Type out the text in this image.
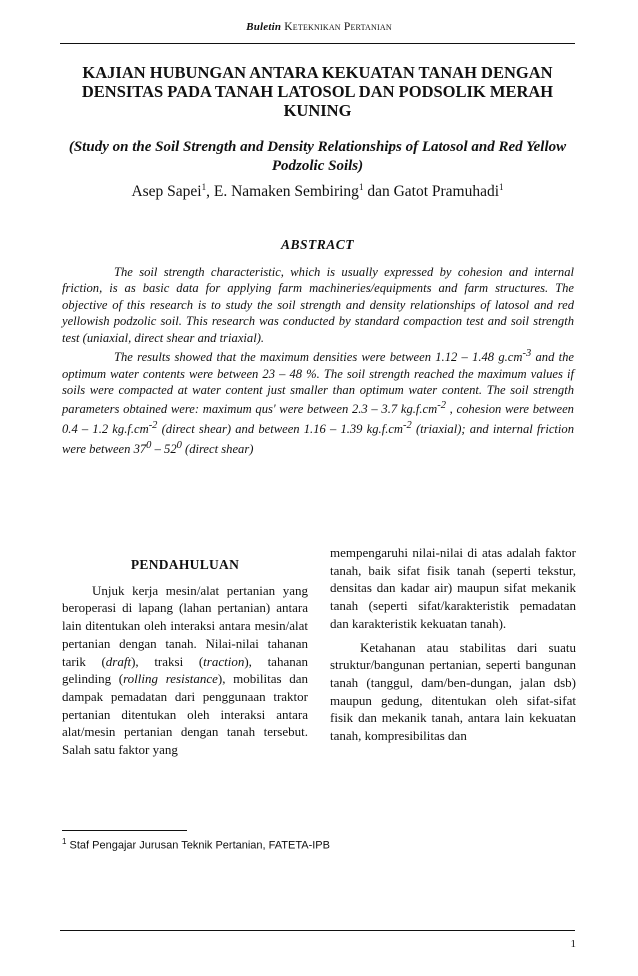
Buletin Keteknikan Pertanian
KAJIAN HUBUNGAN ANTARA KEKUATAN TANAH DENGAN DENSITAS PADA TANAH LATOSOL DAN PODSOLIK MERAH KUNING
(Study on the Soil Strength and Density Relationships of Latosol and Red Yellow Podzolic Soils)
Asep Sapei$^1$, E. Namaken Sembiring$^1$ dan Gatot Pramuhadi$^1$
ABSTRACT

The soil strength characteristic, which is usually expressed by cohesion and internal friction, is as basic data for applying farm machineries/equipments and farm structures. The objective of this research is to study the soil strength and density relationships of latosol and red yellowish podzolic soil. This research was conducted by standard compaction test and soil strength test (uniaxial, direct shear and triaxial).

The results showed that the maximum densities were between 1.12 – 1.48 $g.cm^{-3}$ and the optimum water contents were between 23 – 48 %. The soil strength reached the maximum values if soils were compacted at water content just smaller than optimum water content. The soil strength parameters obtained were: maximum qus' were between 2.3 – 3.7 $kg.f.cm^{-2}$ , cohesion were between 0.4 – 1.2 $kg.f.cm^{-2}$ (direct shear) and between 1.16 – 1.39 $kg.f.cm^{-2}$ (triaxial); and internal friction were between $37^0 - 52^0$ (direct shear)

PENDAHULUAN

Unjuk kerja mesin/alat pertanian yang beroperasi di lapang (lahan pertanian) antara lain ditentukan oleh interaksi antara mesin/alat pertanian dengan tanah. Nilai-nilai tahanan tarik (draft), traksi (traction), tahanan gelinding (rolling resistance), mobilitas dan dampak pemadatan dari penggunaan traktor pertanian ditentukan oleh interaksi antara alat/mesin pertanian dengan tanah tersebut. Salah satu faktor yang

mempengaruhi nilai-nilai di atas adalah faktor tanah, baik sifat fisik tanah (seperti tekstur, densitas dan kadar air) maupun sifat mekanik tanah (seperti sifat/karakteristik pemadatan dan karakteristik kekuatan tanah).

Ketahanan atau stabilitas dari suatu struktur/bangunan pertanian, seperti bangunan tanah (tanggul, dam/ben-dungan, jalan dsb) maupun gedung, ditentukan oleh sifat-sifat fisik dan mekanik tanah, antara lain kekuatan tanah, kompresibilitas dan

$^1$ Staf Pengajar Jurusan Teknik Pertanian, FATETA-IPB
1
